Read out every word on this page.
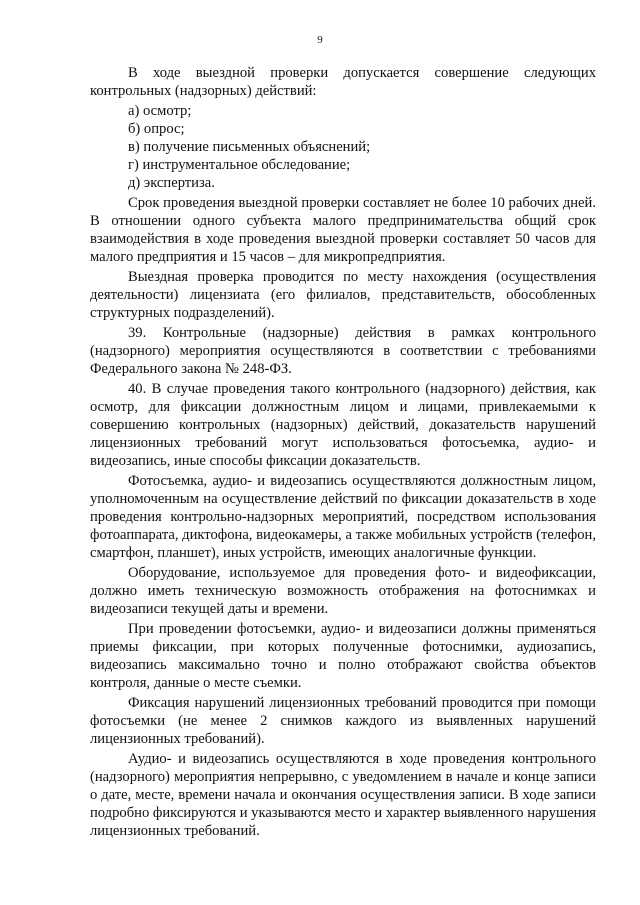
9

В ходе выездной проверки допускается совершение следующих контрольных (надзорных) действий:

а) осмотр;

б) опрос;

в) получение письменных объяснений;

г) инструментальное обследование;

д) экспертиза.

Срок проведения выездной проверки составляет не более 10 рабочих дней. В отношении одного субъекта малого предпринимательства общий срок взаимодействия в ходе проведения выездной проверки составляет 50 часов для малого предприятия и 15 часов – для микропредприятия.

Выездная проверка проводится по месту нахождения (осуществления деятельности) лицензиата (его филиалов, представительств, обособленных структурных подразделений).

39. Контрольные (надзорные) действия в рамках контрольного (надзорного) мероприятия осуществляются в соответствии с требованиями Федерального закона № 248-ФЗ.

40. В случае проведения такого контрольного (надзорного) действия, как осмотр, для фиксации должностным лицом и лицами, привлекаемыми к совершению контрольных (надзорных) действий, доказательств нарушений лицензионных требований могут использоваться фотосъемка, аудио- и видеозапись, иные способы фиксации доказательств.

Фотосъемка, аудио- и видеозапись осуществляются должностным лицом, уполномоченным на осуществление действий по фиксации доказательств в ходе проведения контрольно-надзорных мероприятий, посредством использования фотоаппарата, диктофона, видеокамеры, а также мобильных устройств (телефон, смартфон, планшет), иных устройств, имеющих аналогичные функции.

Оборудование, используемое для проведения фото- и видеофиксации, должно иметь техническую возможность отображения на фотоснимках и видеозаписи текущей даты и времени.

При проведении фотосъемки, аудио- и видеозаписи должны применяться приемы фиксации, при которых полученные фотоснимки, аудиозапись, видеозапись максимально точно и полно отображают свойства объектов контроля, данные о месте съемки.

Фиксация нарушений лицензионных требований проводится при помощи фотосъемки (не менее 2 снимков каждого из выявленных нарушений лицензионных требований).

Аудио- и видеозапись осуществляются в ходе проведения контрольного (надзорного) мероприятия непрерывно, с уведомлением в начале и конце записи о дате, месте, времени начала и окончания осуществления записи. В ходе записи подробно фиксируются и указываются место и характер выявленного нарушения лицензионных требований.
